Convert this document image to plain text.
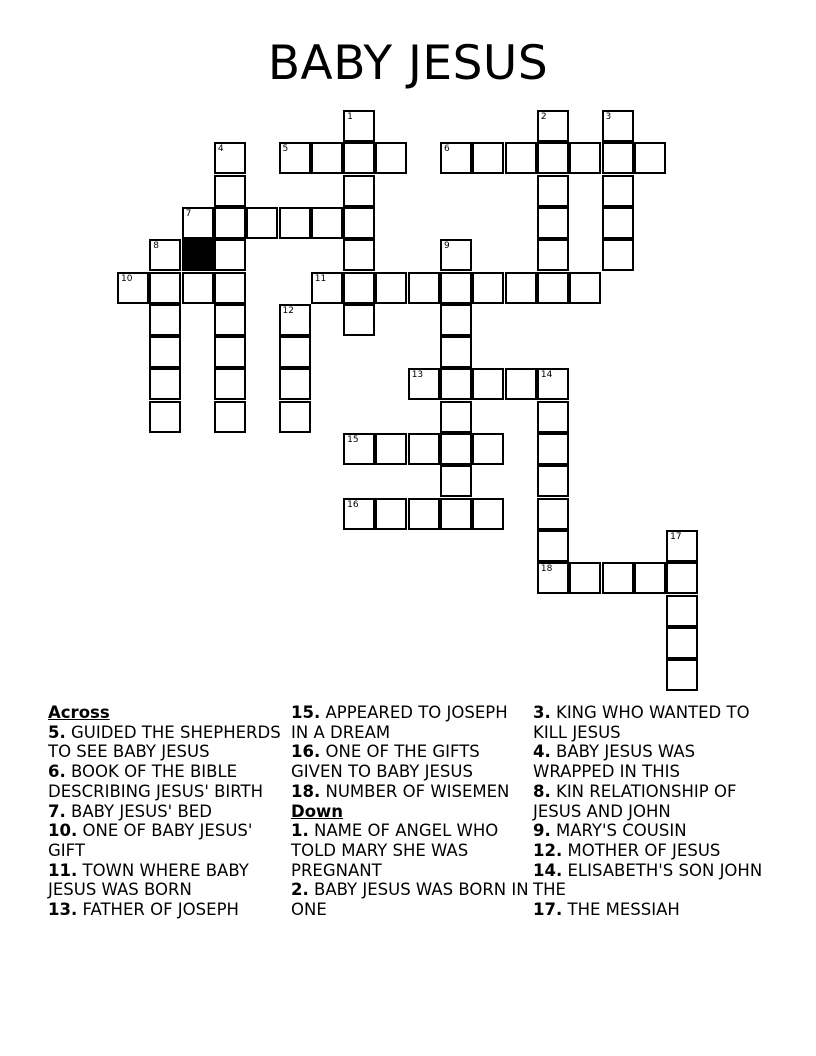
BABY JESUS
1	2	3
4	5	6
7
8	9
10	11
12
13	14
18
15
16
17
Across
5. GUIDED THE SHEPHERDS TO SEE BABY JESUS
6. BOOK OF THE BIBLE DESCRIBING JESUS' BIRTH
7. BABY JESUS' BED
10. ONE OF BABY JESUS' GIFT
11. TOWN WHERE BABY JESUS WAS BORN
13. FATHER OF JOSEPH
15. APPEARED TO JOSEPH IN A DREAM
16. ONE OF THE GIFTS GIVEN TO BABY JESUS
18. NUMBER OF WISEMEN
Down
1. NAME OF ANGEL WHO TOLD MARY SHE WAS PREGNANT
2. BABY JESUS WAS BORN IN ONE
3. KING WHO WANTED TO KILL JESUS
4. BABY JESUS WAS WRAPPED IN THIS
8. KIN RELATIONSHIP OF JESUS AND JOHN
9. MARY'S COUSIN
12. MOTHER OF JESUS
14. ELISABETH'S SON JOHN THE
17. THE MESSIAH
